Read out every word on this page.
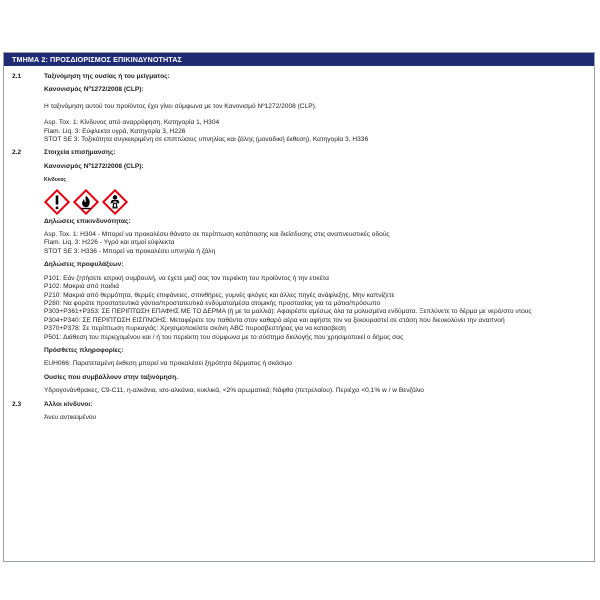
ΤΜΗΜΑ 2: ΠΡΟΣΔΙΟΡΙΣΜΟΣ ΕΠΙΚΙΝΔΥΝΟΤΗΤΑΣ
2.1	Ταξινόμηση της ουσίας ή του μείγματος:

Κανονισμός Νº1272/2008 (CLP):

Η ταξινόμηση αυτού του προϊόντος έχει γίνει σύμφωνα με τον Κανονισμό Νº1272/2008 (CLP).

Asp. Tox. 1: Κίνδυνος από αναρρόφηση, Κατηγορία 1, H304

Flam. Liq. 3: Εύφλεκτα υγρά, Κατηγορία 3, H226

STOT SE 3: Τοξικότητα συγκεκριμένη σε επιπτώσεις υπνηλίας και ζάλης (μοναδική έκθεση), Κατηγορία 3, H336

2.2	Στοιχεία επισήμανσης:

Κανονισμός Νº1272/2008 (CLP):

Κίνδυνος

Δηλώσεις επικινδυνότητας:

Asp. Tox. 1: H304 - Μπορεί να προκαλέσει θάνατο σε περίπτωση κατάποσης και διείσδυσης στις αναπνευστικές οδούς

Flam. Liq. 3: H226 - Υγρό και ατμοί εύφλεκτα

STOT SE 3: H336 - Μπορεί να προκαλέσει υπνηλία ή ζάλη

Δηλώσεις προφυλάξεων:

P101: Εάν ζητήσετε ιατρική συμβουλή, να έχετε μαζί σας τον περιέκτη του προϊόντος ή την ετικέτα

P102: Μακριά από παιδιά

P210: Μακριά από θερμότητα, θερμές επιφάνειες, σπινθήρες, γυμνές φλόγες και άλλες πηγές ανάφλεξης. Μην καπνίζετε

P280: Να φοράτε προστατευτικά γάντια/προστατευτικά ενδύματα/μέσα ατομικής προστασίας για τα μάτια/πρόσωπο

P303+P361+P353: ΣΕ ΠΕΡΙΠΤΩΣΗ ΕΠΑΦΗΣ ΜΕ ΤΟ ΔΕΡΜΑ (ή με τα μαλλιά): Αφαιρέστε αμέσως όλα τα μολυσμένα ενδύματα. Ξεπλύνετε το δέρμα με νερό/στο ντους

P304+P340: ΣΕ ΠΕΡΙΠΤΩΣΗ ΕΙΣΠΝΟΗΣ: Μεταφέρετε τον παθόντα στον καθαρό αέρα και αφήστε τον να ξεκουραστεί σε στάση που διευκολύνει την αναπνοή

P370+P378: Σε περίπτωση πυρκαγιάς: Χρησιμοποιείστε σκόνη ABC πυροσβεστήρας για να κατασβεση

P501: Διάθεση του περιεχομένου και / ή του περιέκτη του σύμφωνα με το σύστημα διαλογής που χρησιμοποιεί ο δήμος σας

Πρόσθετες πληροφορίες:

EUH066: Παρατεταμένη έκθεση μπορεί να προκαλέσει ξηρότητα δέρματος ή σκάσιμο

Ουσίες που συμβάλλουν στην ταξινόμηση.

Υδρογονάνθρακες, C9-C11, η-αλκάνια, ισο-αλκάνια, κυκλικά, <2% αρωματικά; Νάφθα (πετρελαίου). Περιέχει <0,1% w / w Βενζόλιο

2.3	Άλλοι κίνδυνοι:

Άνευ αντικειμένου
